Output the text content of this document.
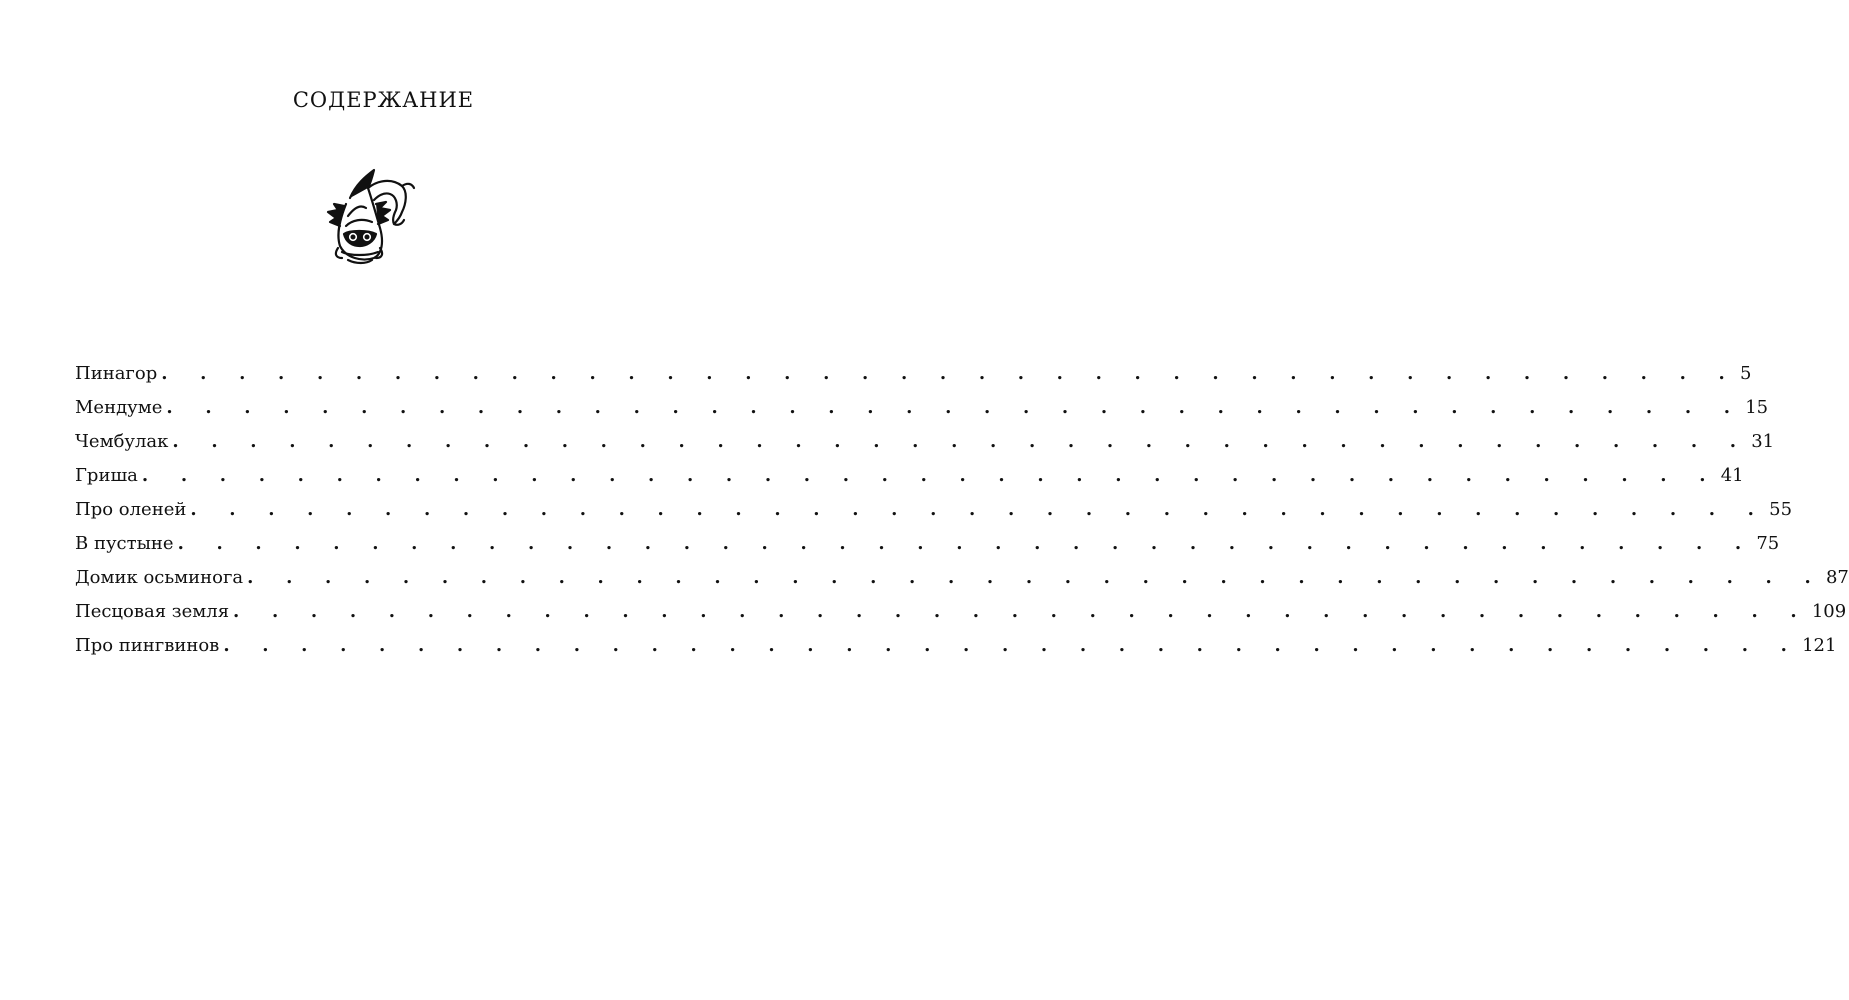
СОДЕРЖАНИЕ
Пинагор . . . . . . . . . . . . . . . . . . . . . . . . . . . . . . . . . . . . . . . . . 5
Мендуме . . . . . . . . . . . . . . . . . . . . . . . . . . . . . . . . . . . . . . . . . 15
Чембулак . . . . . . . . . . . . . . . . . . . . . . . . . . . . . . . . . . . . . . . . . 31
Гриша . . . . . . . . . . . . . . . . . . . . . . . . . . . . . . . . . . . . . . . . . 41
Про оленей . . . . . . . . . . . . . . . . . . . . . . . . . . . . . . . . . . . . . . . . . 55
В пустыне . . . . . . . . . . . . . . . . . . . . . . . . . . . . . . . . . . . . . . . . . 75
Домик осьминога . . . . . . . . . . . . . . . . . . . . . . . . . . . . . . . . . . . . . . . . . 87
Песцовая земля . . . . . . . . . . . . . . . . . . . . . . . . . . . . . . . . . . . . . . . . . 109
Про пингвинов . . . . . . . . . . . . . . . . . . . . . . . . . . . . . . . . . . . . . . . . . 121
